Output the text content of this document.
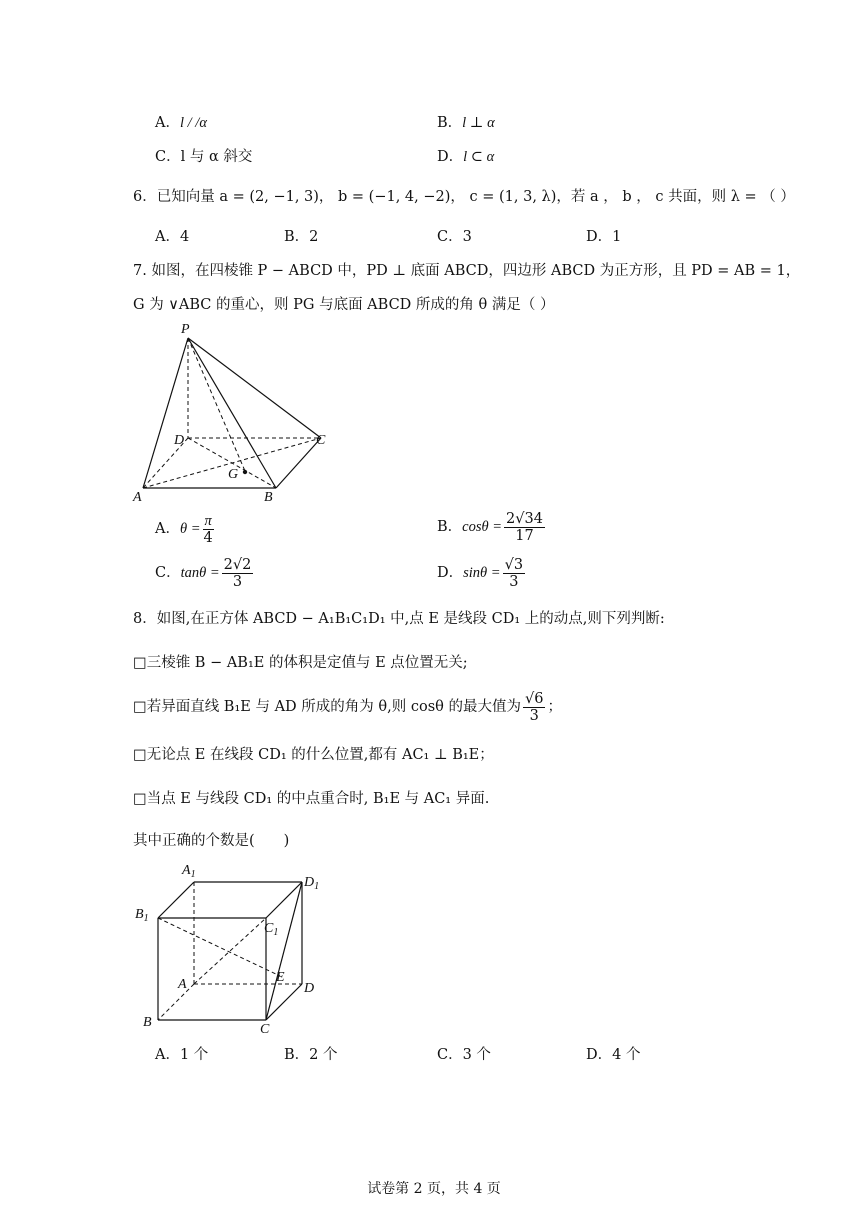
A．l / /α	B．l ⊥ α
C．l 与 α 斜交	D．l ⊂ α
6．已知向量 a = (2, −1, 3)， b = (−1, 4, −2)， c = (1, 3, λ)，若 a ， b ， c 共面，则 λ = （ ）
A．4	B．2	C．3	D．1
7. 如图，在四棱锥 P − ABCD 中，PD ⊥ 底面 ABCD，四边形 ABCD 为正方形，且 PD = AB = 1，
G 为 ∨ABC 的重心，则 PG 与底面 ABCD 所成的角 θ 满足（ ）
P
D	C
G
A	B
A．$\theta = \frac{\pi}{4}$	B．$\cos\theta = \frac{2√34}{17}$
C．$\tan\theta = \frac{2√2}{3}$	D．$\sin\theta = \frac{√3}{3}$
8．如图,在正方体 ABCD − A₁B₁C₁D₁ 中,点 E 是线段 CD₁ 上的动点,则下列判断:
□三棱锥 B − AB₁E 的体积是定值与 E 点位置无关;
□若异面直线 B₁E 与 AD 所成的角为 θ,则 cosθ 的最大值为 $\frac{√6}{3}$ ；
□无论点 E 在线段 CD₁ 的什么位置,都有 AC₁ ⊥ B₁E；
□当点 E 与线段 CD₁ 的中点重合时, B₁E 与 AC₁ 异面.
其中正确的个数是(　　)
$A_1$
$D_1$
$B_1$
$C_1$
A	D
B	C
E
A．1 个	B．2 个	C．3 个	D．4 个
试卷第 2 页，共 4 页
